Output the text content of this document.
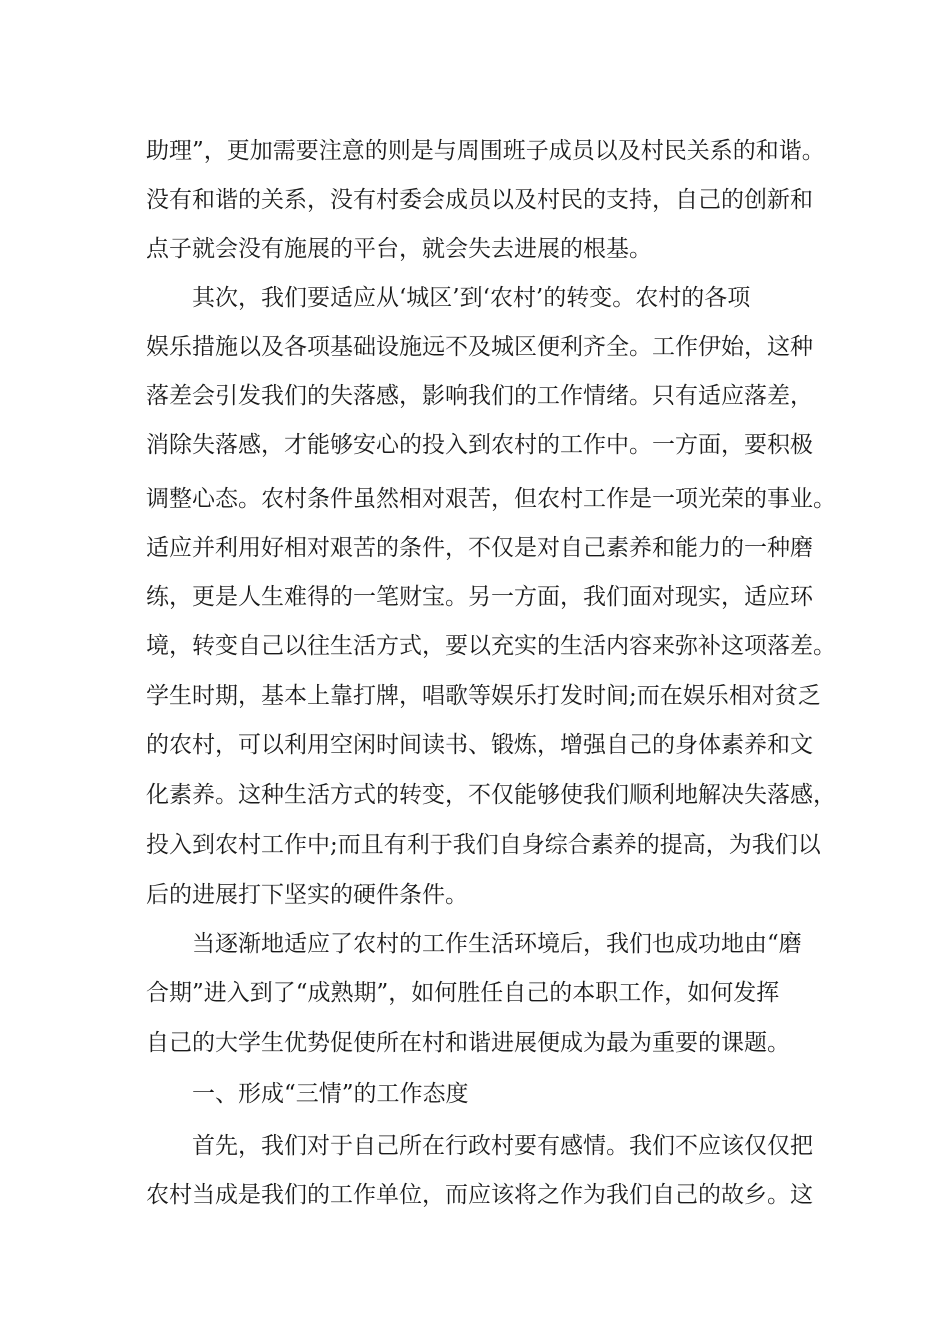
助理”，更加需要注意的则是与周围班子成员以及村民关系的和谐。
没有和谐的关系，没有村委会成员以及村民的支持，自己的创新和
点子就会没有施展的平台，就会失去进展的根基。
其次，我们要适应从‘城区’到‘农村’的转变。农村的各项
娱乐措施以及各项基础设施远不及城区便利齐全。工作伊始，这种
落差会引发我们的失落感，影响我们的工作情绪。只有适应落差，
消除失落感，才能够安心的投入到农村的工作中。一方面，要积极
调整心态。农村条件虽然相对艰苦，但农村工作是一项光荣的事业。
适应并利用好相对艰苦的条件，不仅是对自己素养和能力的一种磨
练，更是人生难得的一笔财宝。另一方面，我们面对现实，适应环
境，转变自己以往生活方式，要以充实的生活内容来弥补这项落差。
学生时期，基本上靠打牌，唱歌等娱乐打发时间;而在娱乐相对贫乏
的农村，可以利用空闲时间读书、锻炼，增强自己的身体素养和文
化素养。这种生活方式的转变，不仅能够使我们顺利地解决失落感，
投入到农村工作中;而且有利于我们自身综合素养的提高，为我们以
后的进展打下坚实的硬件条件。
当逐渐地适应了农村的工作生活环境后，我们也成功地由“磨
合期”进入到了“成熟期”，如何胜任自己的本职工作，如何发挥
自己的大学生优势促使所在村和谐进展便成为最为重要的课题。
一、形成“三情”的工作态度
首先，我们对于自己所在行政村要有感情。我们不应该仅仅把
农村当成是我们的工作单位，而应该将之作为我们自己的故乡。这
